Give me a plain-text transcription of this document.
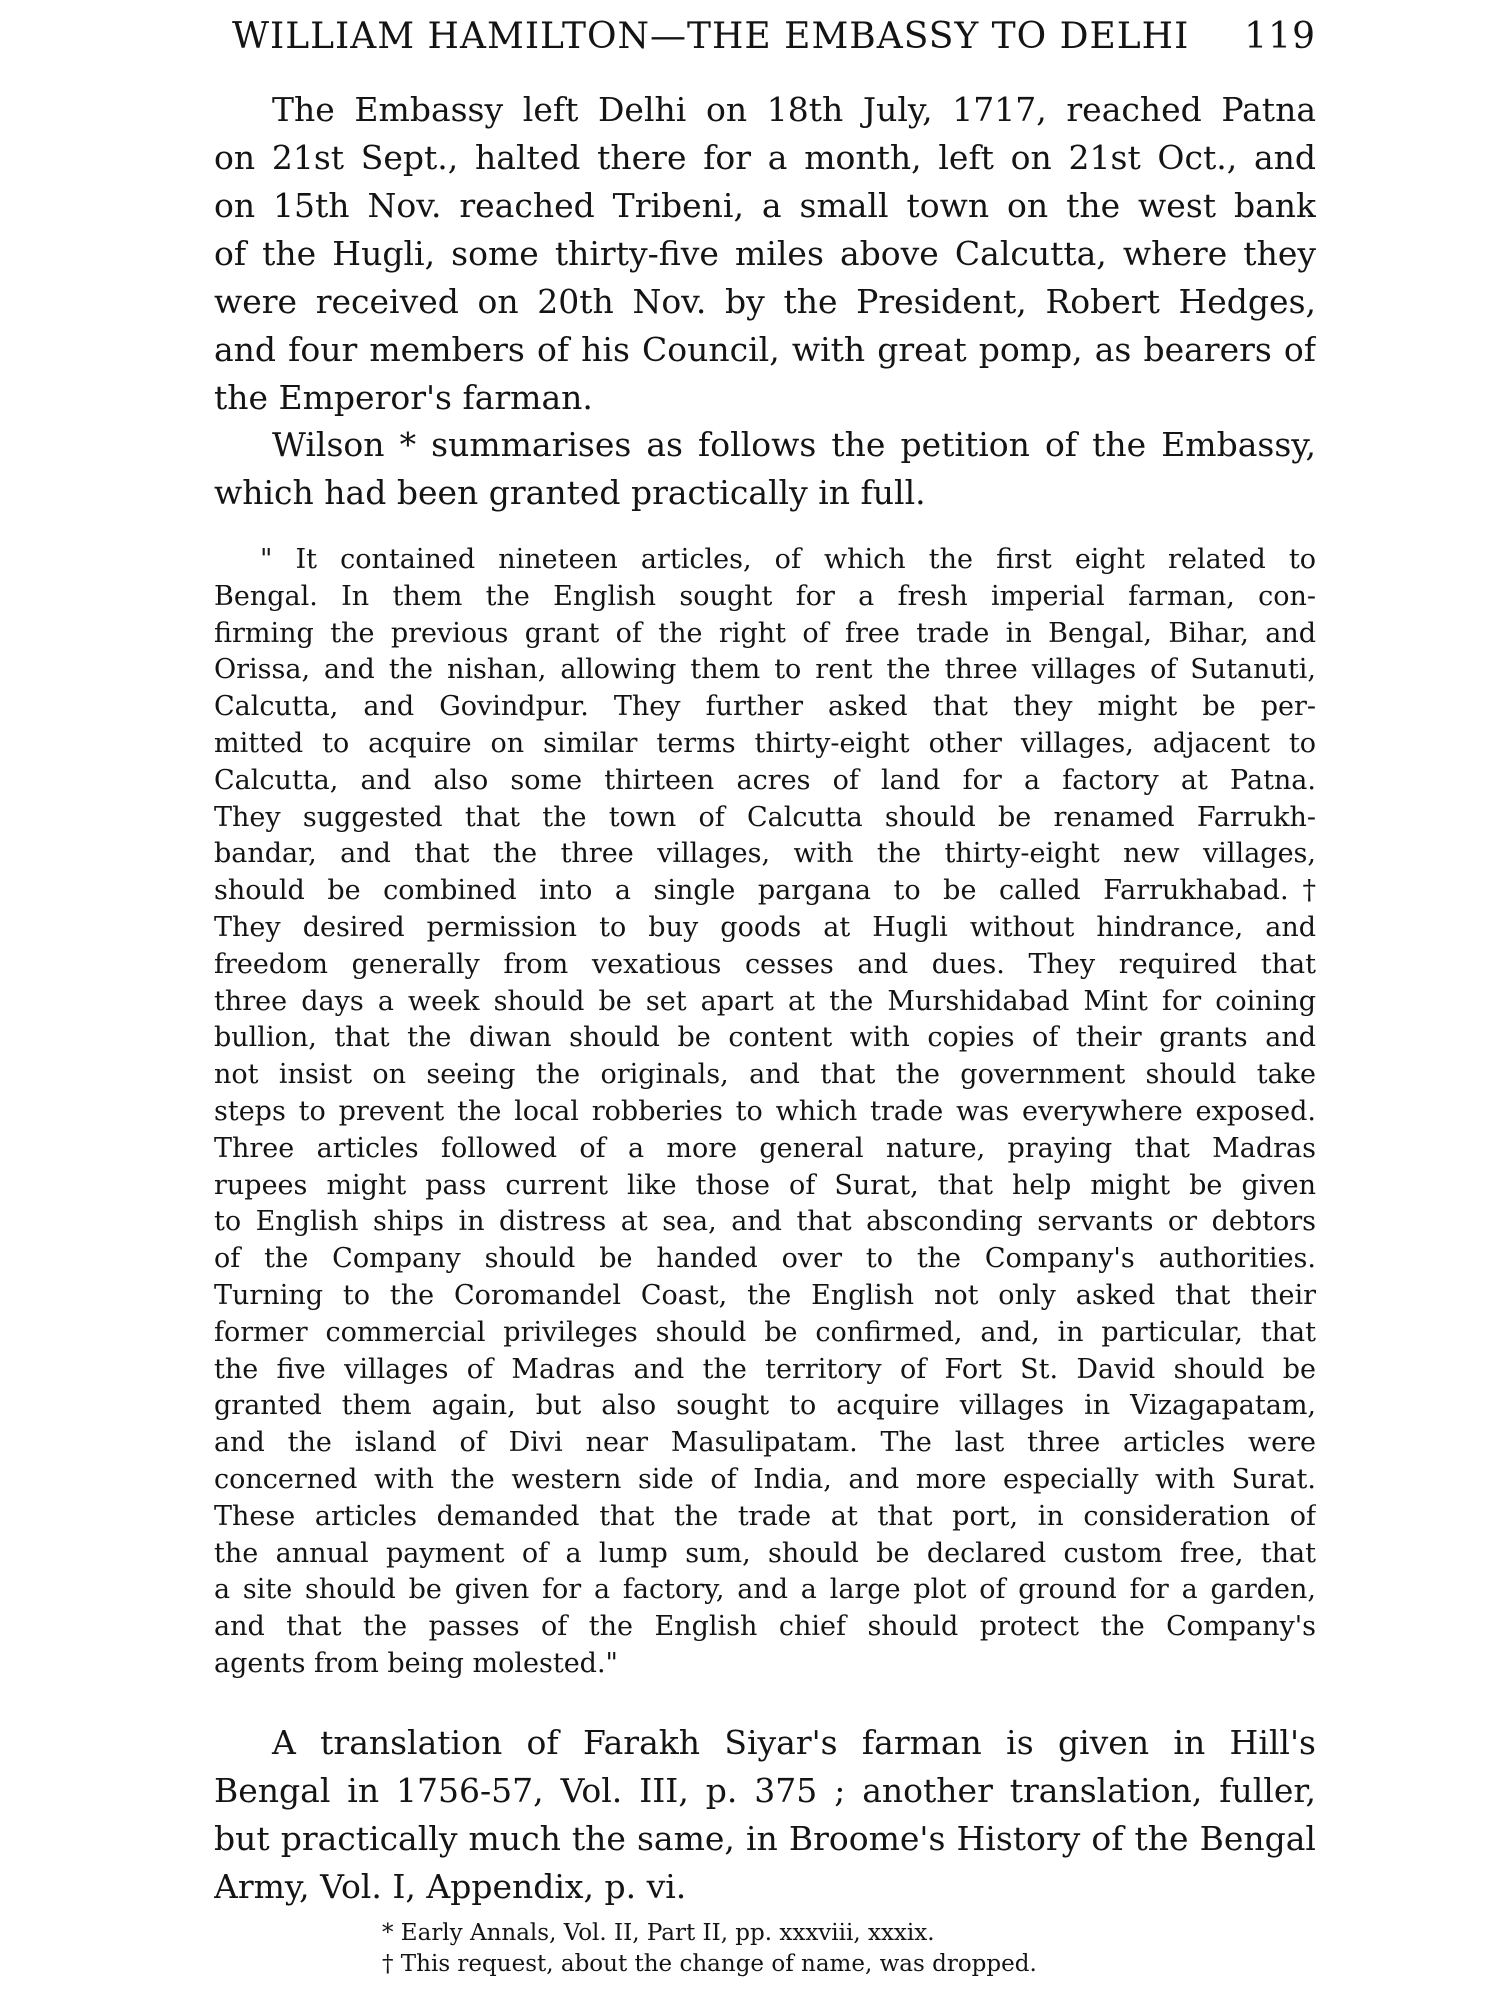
WILLIAM HAMILTON—THE EMBASSY TO DELHI 119
The Embassy left Delhi on 18th July, 1717, reached Patna
on 21st Sept., halted there for a month, left on 21st Oct., and
on 15th Nov. reached Tribeni, a small town on the west bank
of the Hugli, some thirty-five miles above Calcutta, where they
were received on 20th Nov. by the President, Robert Hedges,
and four members of his Council, with great pomp, as bearers of
the Emperor's farman.
Wilson * summarises as follows the petition of the Embassy,
which had been granted practically in full.
" It contained nineteen articles, of which the first eight related to
Bengal. In them the English sought for a fresh imperial farman, con-
firming the previous grant of the right of free trade in Bengal, Bihar, and
Orissa, and the nishan, allowing them to rent the three villages of Sutanuti,
Calcutta, and Govindpur. They further asked that they might be per-
mitted to acquire on similar terms thirty-eight other villages, adjacent to
Calcutta, and also some thirteen acres of land for a factory at Patna.
They suggested that the town of Calcutta should be renamed Farrukh-
bandar, and that the three villages, with the thirty-eight new villages,
should be combined into a single pargana to be called Farrukhabad.†
They desired permission to buy goods at Hugli without hindrance, and
freedom generally from vexatious cesses and dues. They required that
three days a week should be set apart at the Murshidabad Mint for coining
bullion, that the diwan should be content with copies of their grants and
not insist on seeing the originals, and that the government should take
steps to prevent the local robberies to which trade was everywhere exposed.
Three articles followed of a more general nature, praying that Madras
rupees might pass current like those of Surat, that help might be given
to English ships in distress at sea, and that absconding servants or debtors
of the Company should be handed over to the Company's authorities.
Turning to the Coromandel Coast, the English not only asked that their
former commercial privileges should be confirmed, and, in particular, that
the five villages of Madras and the territory of Fort St. David should be
granted them again, but also sought to acquire villages in Vizagapatam,
and the island of Divi near Masulipatam. The last three articles were
concerned with the western side of India, and more especially with Surat.
These articles demanded that the trade at that port, in consideration of
the annual payment of a lump sum, should be declared custom free, that
a site should be given for a factory, and a large plot of ground for a garden,
and that the passes of the English chief should protect the Company's
agents from being molested."
A translation of Farakh Siyar's farman is given in Hill's
Bengal in 1756-57, Vol. III, p. 375 ; another translation, fuller,
but practically much the same, in Broome's History of the Bengal
Army, Vol. I, Appendix, p. vi.
* Early Annals, Vol. II, Part II, pp. xxxviii, xxxix.
† This request, about the change of name, was dropped.
